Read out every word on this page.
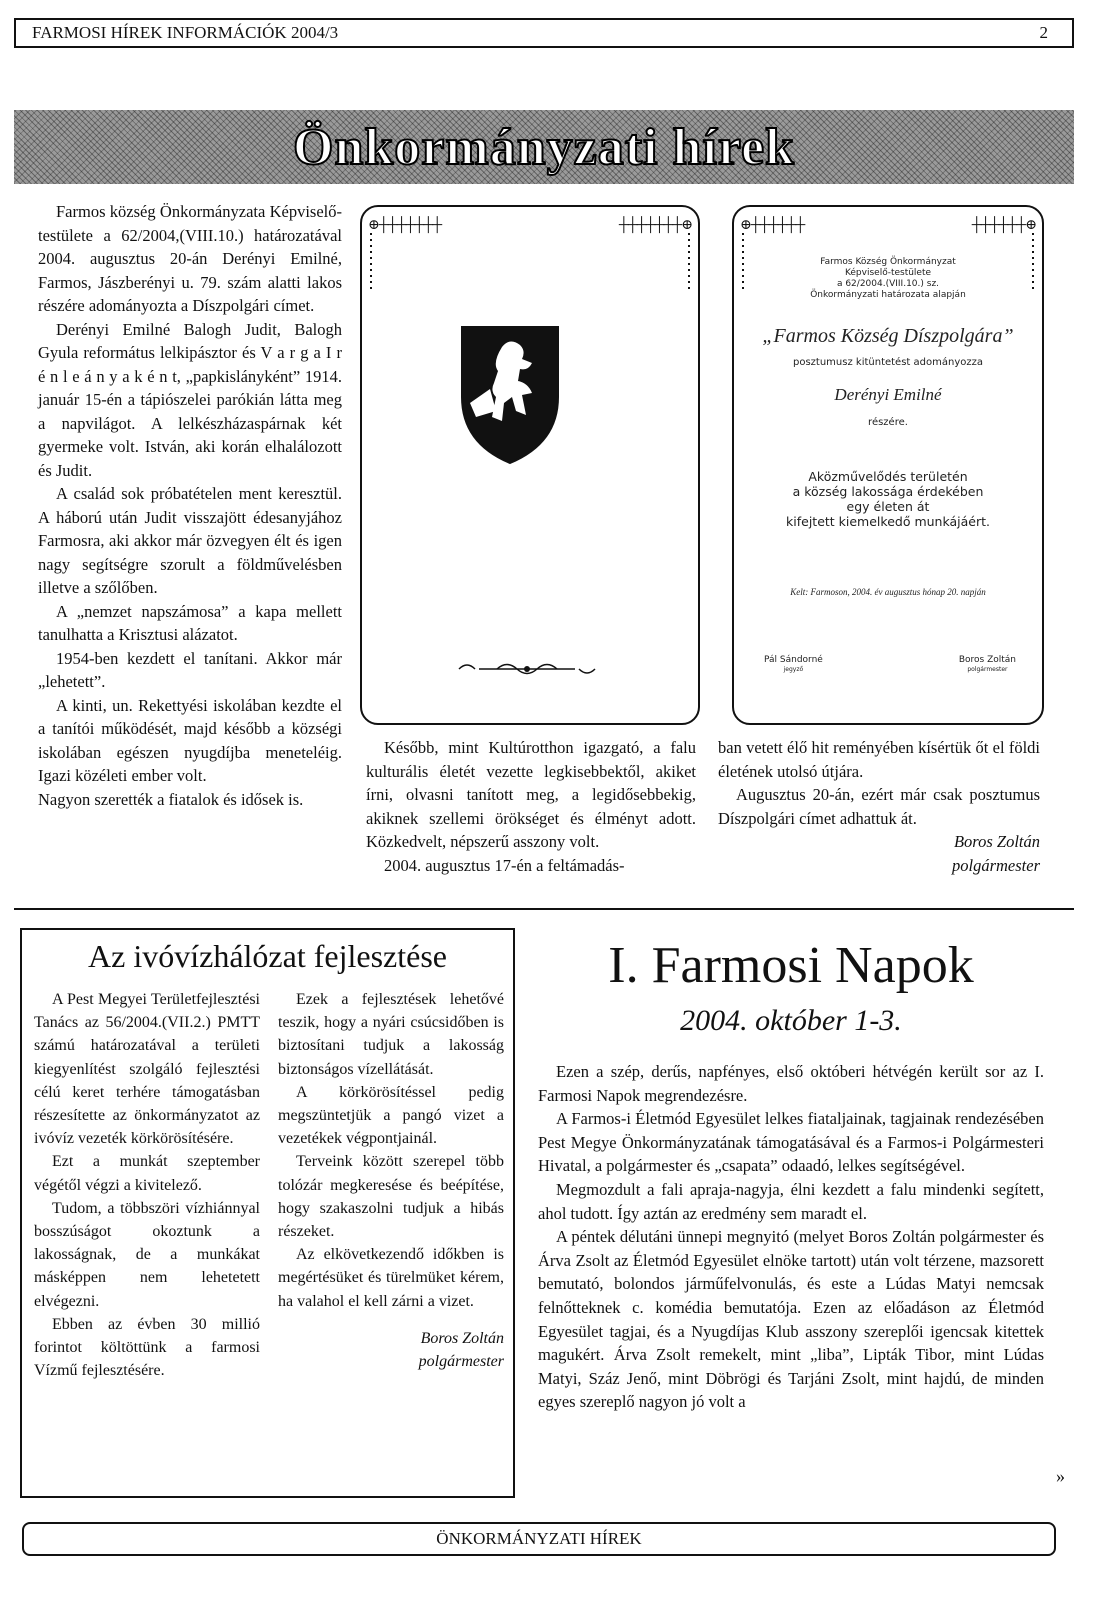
FARMOSI HÍREK INFORMÁCIÓK 2004/3	2
Önkormányzati hírek

Farmos község Önkormányzata Képviselő-testülete a 62/2004,(VIII.10.) határozatával 2004. augusztus 20-án Derényi Emilné, Farmos, Jászberényi u. 79. szám alatti lakos részére adományozta a Díszpolgári címet.

Derényi Emilné Balogh Judit, Balogh Gyula református lelkipásztor és V a r g a I r é n l e á n y a k é n t, „papkislányként” 1914. január 15-én a tápiószelei parókián látta meg a napvilágot. A lelkészházaspárnak két gyermeke volt. István, aki korán elhalálozott és Judit.

A család sok próbatételen ment keresztül. A háború után Judit visszajött édesanyjához Farmosra, aki akkor már özvegyen élt és igen nagy segítségre szorult a földművelésben illetve a szőlőben.

A „nemzet napszámosa” a kapa mellett tanulhatta a Krisztusi alázatot.

1954-ben kezdett el tanítani. Akkor már „lehetett”.

A kinti, un. Rekettyési iskolában kezdte el a tanítói működését, majd később a községi iskolában egészen nyugdíjba meneteléig. Igazi közéleti ember volt.

Nagyon szerették a fiatalok és idősek is.

⊕┼┼┼┼┼┼┼	┼┼┼┼┼┼┼⊕	⊕┼┼┼┼┼┼	┼┼┼┼┼┼⊕
Farmos Község Önkormányzat
Képviselő-testülete
a 62/2004.(VIII.10.) sz.
Önkormányzati határozata alapján
„Farmos Község Díszpolgára”
posztumusz kitüntetést adományozza
Derényi Emilné
részére.
Aközművelődés területén
a község lakossága érdekében
egy életen át
kifejtett kiemelkedő munkájáért.
Kelt: Farmoson, 2004. év augusztus hónap 20. napján
Pál Sándorné
jegyző
Boros Zoltán
polgármester

Később, mint Kultúrotthon igazgató, a falu kulturális életét vezette legkisebbektől, akiket írni, olvasni tanított meg, a legidősebbekig, akiknek szellemi örökséget és élményt adott. Közkedvelt, népszerű asszony volt.

2004. augusztus 17-én a feltámadás-

ban vetett élő hit reményében kísértük őt el földi életének utolsó útjára.

Augusztus 20-án, ezért már csak posztumus Díszpolgári címet adhattuk át.

Boros Zoltán

polgármester

Az ivóvízhálózat fejlesztése

A Pest Megyei Területfejlesztési Tanács az 56/2004.(VII.2.) PMTT számú határozatával a területi kiegyenlítést szolgáló fejlesztési célú keret terhére támogatásban részesítette az önkormányzatot az ivóvíz vezeték körkörösítésére.

Ezt a munkát szeptember végétől végzi a kivitelező.

Tudom, a többszöri vízhiánnyal bosszúságot okoztunk a lakosságnak, de a munkákat másképpen nem lehetetett elvégezni.

Ebben az évben 30 millió forintot költöttünk a farmosi Vízmű fejlesztésére.

Ezek a fejlesztések lehetővé teszik, hogy a nyári csúcsidőben is biztosítani tudjuk a lakosság biztonságos vízellátását.

A körkörösítéssel pedig megszüntetjük a pangó vizet a vezetékek végpontjainál.

Terveink között szerepel több tolózár megkeresése és beépítése, hogy szakaszolni tudjuk a hibás részeket.

Az elkövetkezendő időkben is megértésüket és türelmüket kérem, ha valahol el kell zárni a vizet.

Boros Zoltán

polgármester

I. Farmosi Napok
2004. október 1-3.

Ezen a szép, derűs, napfényes, első októberi hétvégén került sor az I. Farmosi Napok megrendezésre.

A Farmos-i Életmód Egyesület lelkes fiataljainak, tagjainak rendezésében Pest Megye Önkormányzatának támogatásával és a Farmos-i Polgármesteri Hivatal, a polgármester és „csapata” odaadó, lelkes segítségével.

Megmozdult a fali apraja-nagyja, élni kezdett a falu mindenki segített, ahol tudott. Így aztán az eredmény sem maradt el.

A péntek délutáni ünnepi megnyitó (melyet Boros Zoltán polgármester és Árva Zsolt az Életmód Egyesület elnöke tartott) után volt térzene, mazsorett bemutató, bolondos járműfelvonulás, és este a Lúdas Matyi nemcsak felnőtteknek c. komédia bemutatója. Ezen az előadáson az Életmód Egyesület tagjai, és a Nyugdíjas Klub asszony szereplői igencsak kitettek magukért. Árva Zsolt remekelt, mint „liba”, Lipták Tibor, mint Lúdas Matyi, Száz Jenő, mint Döbrögi és Tarjáni Zsolt, mint hajdú, de minden egyes szereplő nagyon jó volt a

»
ÖNKORMÁNYZATI HÍREK
